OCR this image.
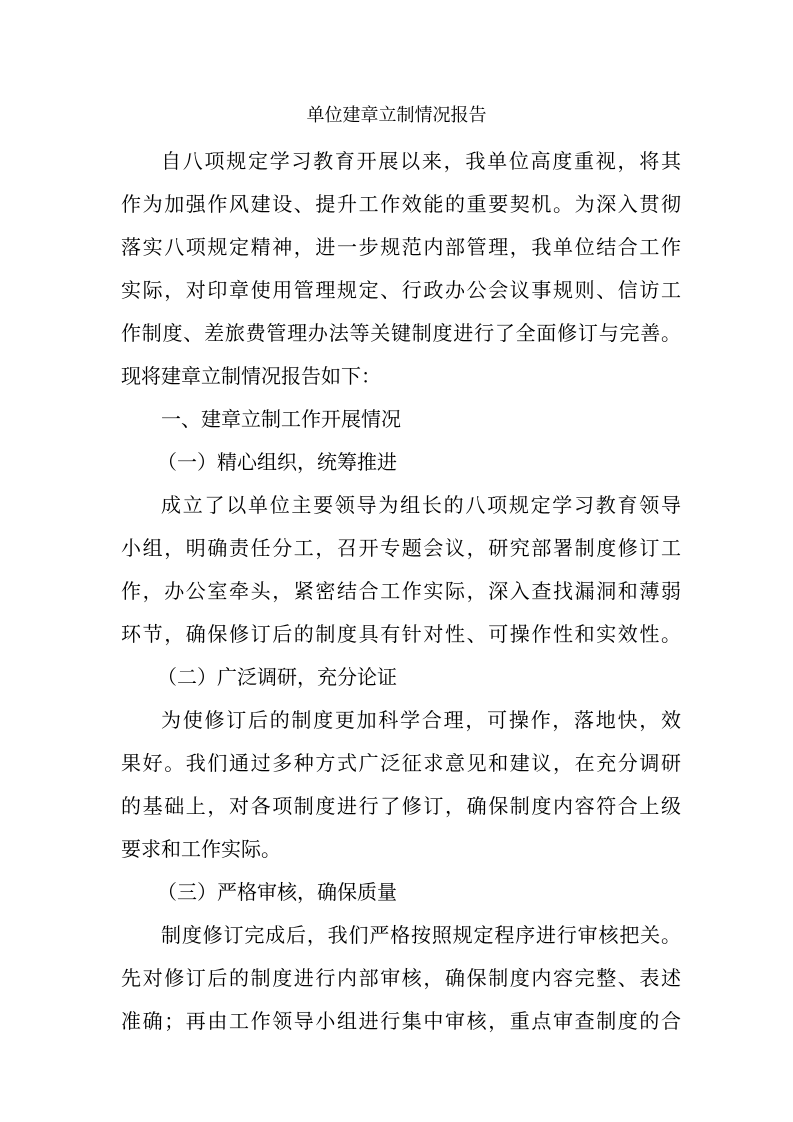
单位建章立制情况报告
自八项规定学习教育开展以来，我单位高度重视，将其
作为加强作风建设、提升工作效能的重要契机。为深入贯彻
落实八项规定精神，进一步规范内部管理，我单位结合工作
实际，对印章使用管理规定、行政办公会议事规则、信访工
作制度、差旅费管理办法等关键制度进行了全面修订与完善。
现将建章立制情况报告如下：
一、建章立制工作开展情况
（一）精心组织，统筹推进
成立了以单位主要领导为组长的八项规定学习教育领导
小组，明确责任分工，召开专题会议，研究部署制度修订工
作，办公室牵头，紧密结合工作实际，深入查找漏洞和薄弱
环节，确保修订后的制度具有针对性、可操作性和实效性。
（二）广泛调研，充分论证
为使修订后的制度更加科学合理，可操作，落地快，效
果好。我们通过多种方式广泛征求意见和建议，在充分调研
的基础上，对各项制度进行了修订，确保制度内容符合上级
要求和工作实际。
（三）严格审核，确保质量
制度修订完成后，我们严格按照规定程序进行审核把关。
先对修订后的制度进行内部审核，确保制度内容完整、表述
准确；再由工作领导小组进行集中审核，重点审查制度的合
